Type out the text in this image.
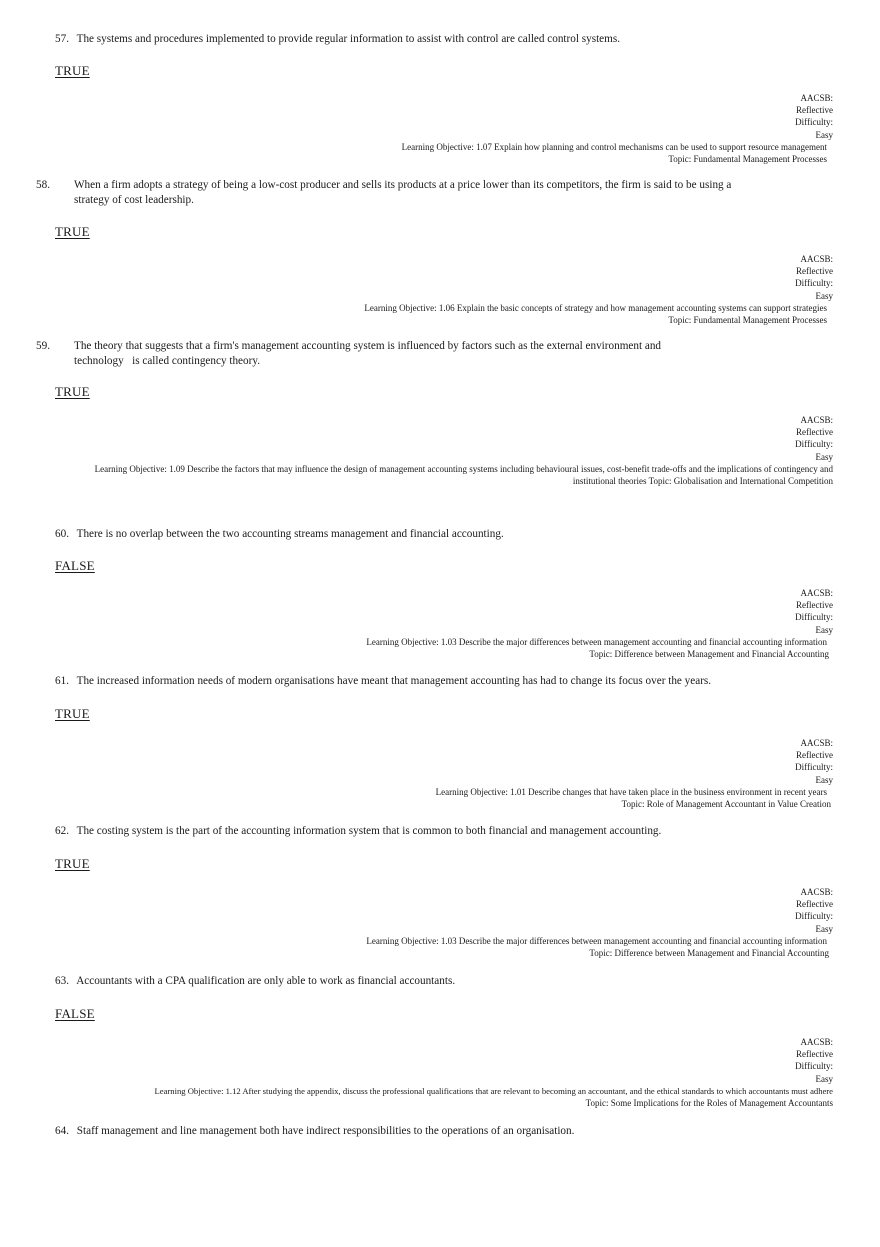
57. The systems and procedures implemented to provide regular information to assist with control are called control systems.
TRUE
AACSB:
Reflective
Difficulty:
Easy
Learning Objective: 1.07 Explain how planning and control mechanisms can be used to support resource management
Topic: Fundamental Management Processes
58. When a firm adopts a strategy of being a low-cost producer and sells its products at a price lower than its competitors, the firm is said to be using a strategy of cost leadership.
TRUE
AACSB:
Reflective
Difficulty:
Easy
Learning Objective: 1.06 Explain the basic concepts of strategy and how management accounting systems can support strategies
Topic: Fundamental Management Processes
59. The theory that suggests that a firm's management accounting system is influenced by factors such as the external environment and technology   is called contingency theory.
TRUE
AACSB:
Reflective
Difficulty:
Easy
Learning Objective: 1.09 Describe the factors that may influence the design of management accounting systems including behavioural issues, cost-benefit trade-offs and the implications of contingency and institutional theories Topic: Globalisation and International Competition
60. There is no overlap between the two accounting streams management and financial accounting.
FALSE
AACSB:
Reflective
Difficulty:
Easy
Learning Objective: 1.03 Describe the major differences between management accounting and financial accounting information
Topic: Difference between Management and Financial Accounting
61. The increased information needs of modern organisations have meant that management accounting has had to change its focus over the years.
TRUE
AACSB:
Reflective
Difficulty:
Easy
Learning Objective: 1.01 Describe changes that have taken place in the business environment in recent years
Topic: Role of Management Accountant in Value Creation
62. The costing system is the part of the accounting information system that is common to both financial and management accounting.
TRUE
AACSB:
Reflective
Difficulty:
Easy
Learning Objective: 1.03 Describe the major differences between management accounting and financial accounting information
Topic: Difference between Management and Financial Accounting
63. Accountants with a CPA qualification are only able to work as financial accountants.
FALSE
AACSB:
Reflective
Difficulty:
Easy
Learning Objective: 1.12 After studying the appendix, discuss the professional qualifications that are relevant to becoming an accountant, and the ethical standards to which accountants must adhere
Topic: Some Implications for the Roles of Management Accountants
64. Staff management and line management both have indirect responsibilities to the operations of an organisation.
